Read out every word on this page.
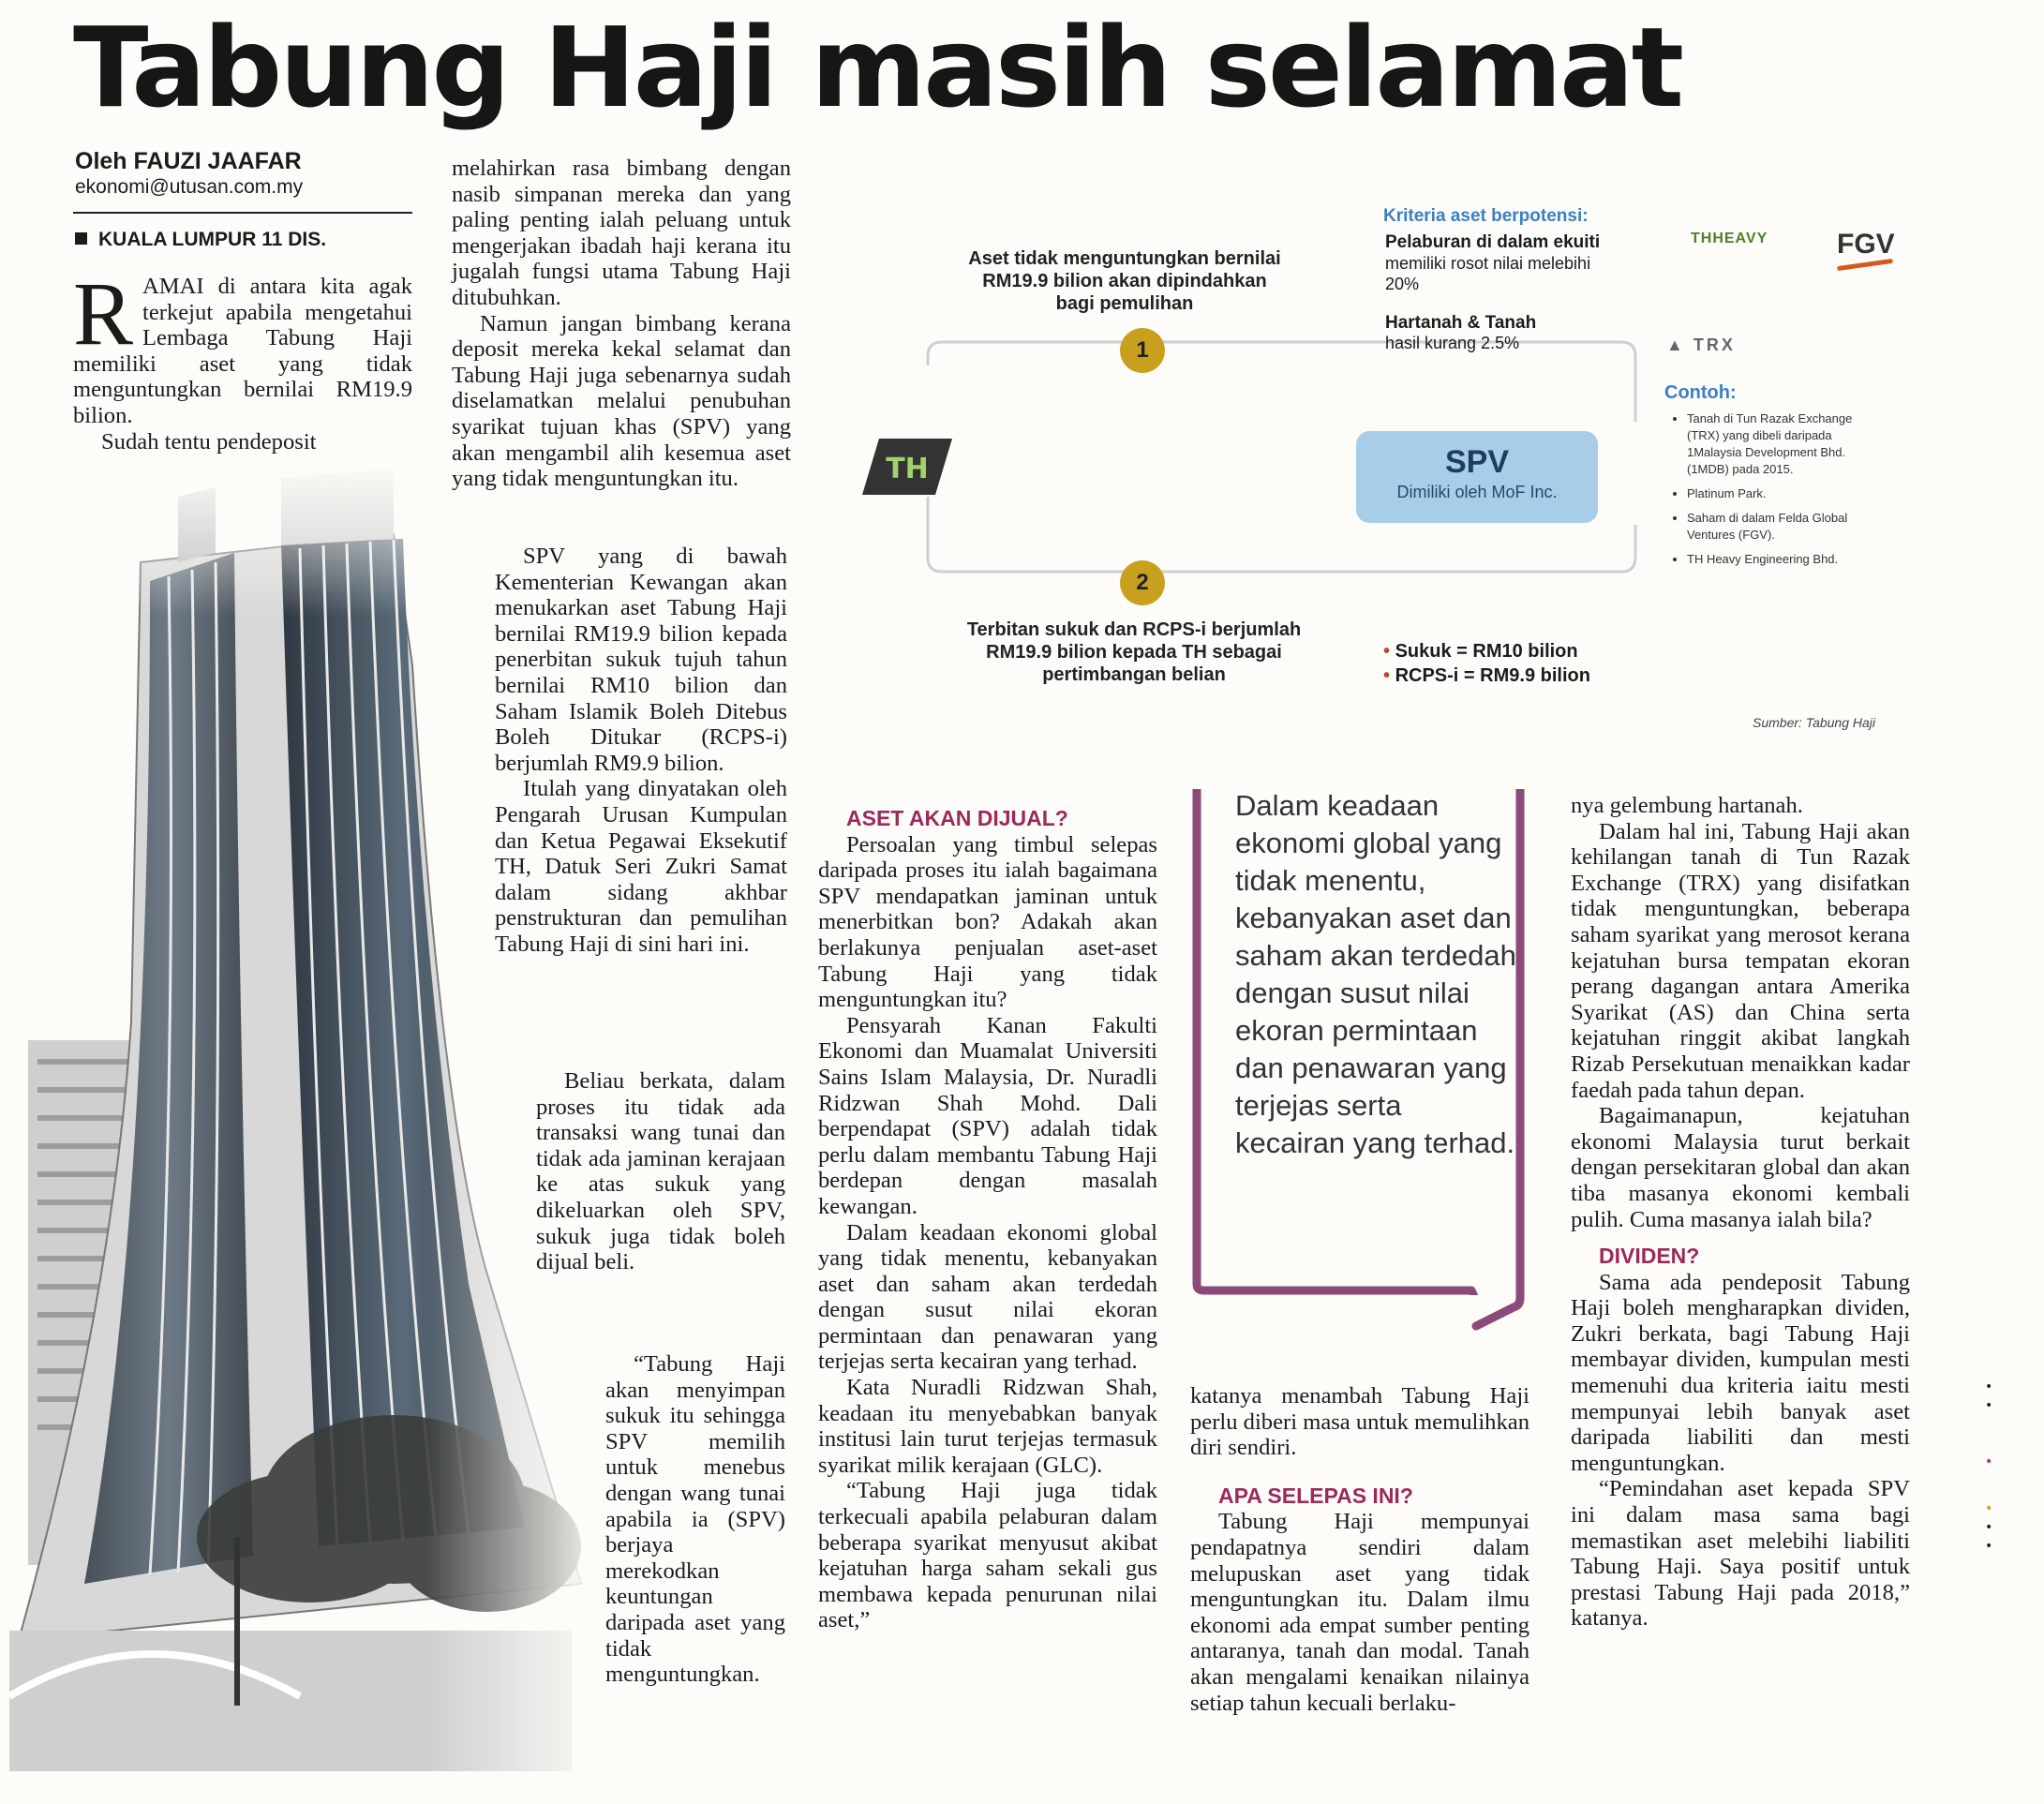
Tabung Haji masih selamat
Oleh FAUZI JAAFAR
ekonomi@utusan.com.my
KUALA LUMPUR 11 DIS.

RAMAI di antara kita agak terkejut apabila mengetahui Lembaga Tabung Haji memiliki aset yang tidak menguntungkan bernilai RM19.9 bilion.

Sudah tentu pendeposit

melahirkan rasa bimbang dengan nasib simpanan mereka dan yang paling penting ialah peluang untuk mengerjakan ibadah haji kerana itu jugalah fungsi utama Tabung Haji ditubuhkan.

Namun jangan bimbang kerana deposit mereka kekal selamat dan Tabung Haji juga sebenarnya sudah diselamatkan melalui penubuhan syarikat tujuan khas (SPV) yang akan mengambil alih kesemua aset yang tidak menguntungkan itu.

SPV yang di bawah Kementerian Kewangan akan menukarkan aset Tabung Haji bernilai RM19.9 bilion kepada penerbitan sukuk tujuh tahun bernilai RM10 bilion dan Saham Islamik Boleh Ditebus Boleh Ditukar (RCPS-i) berjumlah RM9.9 bilion.

Itulah yang dinyatakan oleh Pengarah Urusan Kumpulan dan Ketua Pegawai Eksekutif TH, Datuk Seri Zukri Samat dalam sidang akhbar penstrukturan dan pemulihan Tabung Haji di sini hari ini.

Beliau berkata, dalam proses itu tidak ada transaksi wang tunai dan tidak ada jaminan kerajaan ke atas sukuk yang dikeluarkan oleh SPV, sukuk juga tidak boleh dijual beli.

“Tabung Haji akan menyimpan sukuk itu sehingga SPV memilih untuk menebus dengan wang tunai apabila ia (SPV) berjaya merekodkan keuntungan daripada aset yang tidak menguntungkan.

Aset tidak menguntungkan bernilai RM19.9 bilion akan dipindahkan bagi pemulihan
1
2
Terbitan sukuk dan RCPS-i berjumlah RM19.9 bilion kepada TH sebagai pertimbangan belian
TH	SPV
Dimiliki oleh MoF Inc.
Kriteria aset berpotensi:
Pelaburan di dalam ekuiti
memiliki rosot nilai melebihi 20%
Hartanah & Tanah
hasil kurang 2.5%
THHEAVY FGV
▲ TRX
Contoh:
• Tanah di Tun Razak Exchange (TRX) yang dibeli daripada 1Malaysia Development Bhd. (1MDB) pada 2015.
• Platinum Park.
• Saham di dalam Felda Global Ventures (FGV).
• TH Heavy Engineering Bhd.
• Sukuk = RM10 bilion
• RCPS-i = RM9.9 bilion
Sumber: Tabung Haji

ASET AKAN DIJUAL?

Persoalan yang timbul selepas daripada proses itu ialah bagaimana SPV mendapatkan jaminan untuk menerbitkan bon? Adakah akan berlakunya penjualan aset-aset Tabung Haji yang tidak menguntungkan itu?

Pensyarah Kanan Fakulti Ekonomi dan Muamalat Universiti Sains Islam Malaysia, Dr. Nuradli Ridzwan Shah Mohd. Dali berpendapat (SPV) adalah tidak perlu dalam membantu Tabung Haji berdepan dengan masalah kewangan.

Dalam keadaan ekonomi global yang tidak menentu, kebanyakan aset dan saham akan terdedah dengan susut nilai ekoran permintaan dan penawaran yang terjejas serta kecairan yang terhad.

Kata Nuradli Ridzwan Shah, keadaan itu menyebabkan banyak institusi lain turut terjejas termasuk syarikat milik kerajaan (GLC).

“Tabung Haji juga tidak terkecuali apabila pelaburan dalam beberapa syarikat menyusut akibat kejatuhan harga saham sekali gus membawa kepada penurunan nilai aset,”

Dalam keadaan ekonomi global yang tidak menentu, kebanyakan aset dan saham akan terdedah dengan susut nilai ekoran permintaan dan penawaran yang terjejas serta kecairan yang terhad.

katanya menambah Tabung Haji perlu diberi masa untuk memulihkan diri sendiri.

APA SELEPAS INI?

Tabung Haji mempunyai pendapatnya sendiri dalam melupuskan aset yang tidak menguntungkan itu. Dalam ilmu ekonomi ada empat sumber penting antaranya, tanah dan modal. Tanah akan mengalami kenaikan nilainya setiap tahun kecuali berlaku-

nya gelembung hartanah.

Dalam hal ini, Tabung Haji akan kehilangan tanah di Tun Razak Exchange (TRX) yang disifatkan tidak menguntungkan, beberapa saham syarikat yang merosot kerana kejatuhan bursa tempatan ekoran perang dagangan antara Amerika Syarikat (AS) dan China serta kejatuhan ringgit akibat langkah Rizab Persekutuan menaikkan kadar faedah pada tahun depan.

Bagaimanapun, kejatuhan ekonomi Malaysia turut berkait dengan persekitaran global dan akan tiba masanya ekonomi kembali pulih. Cuma masanya ialah bila?

DIVIDEN?

Sama ada pendeposit Tabung Haji boleh mengharapkan dividen, Zukri berkata, bagi Tabung Haji membayar dividen, kumpulan mesti memenuhi dua kriteria iaitu mesti mempunyai lebih banyak aset daripada liabiliti dan mesti menguntungkan.

“Pemindahan aset kepada SPV ini dalam masa sama bagi memastikan aset melebihi liabiliti Tabung Haji. Saya positif untuk prestasi Tabung Haji pada 2018,” katanya.

•
•
•
•
•
•
